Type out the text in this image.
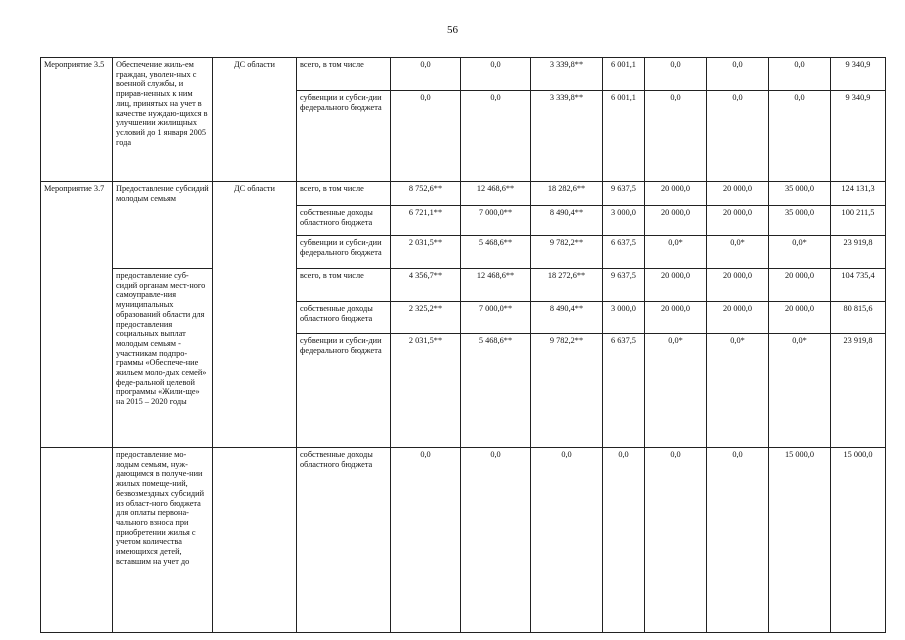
56
Мероприятие 3.5	Обеспечение жиль-ем граждан, уволен-ных с военной службы, и прирав-ненных к ним лиц, принятых на учет в качестве нуждаю-щихся в улучшении жилищных условий до 1 января 2005 года	ДС области	всего, в том числе	0,0	0,0	3 339,8**	6 001,1	0,0	0,0	0,0	9 340,9
			субвенции и субси-дии федерального бюджета	0,0	0,0	3 339,8**	6 001,1	0,0	0,0	0,0	9 340,9
Мероприятие 3.7	Предоставление субсидий молодым семьям	ДС области	всего, в том числе	8 752,6**	12 468,6**	18 282,6**	9 637,5	20 000,0	20 000,0	35 000,0	124 131,3
			собственные доходы областного бюджета	6 721,1**	7 000,0**	8 490,4**	3 000,0	20 000,0	20 000,0	35 000,0	100 211,5
			субвенции и субси-дии федерального бюджета	2 031,5**	5 468,6**	9 782,2**	6 637,5	0,0*	0,0*	0,0*	23 919,8
	предоставление суб-сидий органам мест-ного самоуправле-ния муниципальных образований области для предоставления социальных выплат молодым семьям - участникам подпро-граммы «Обеспече-ние жильем моло-дых семей» феде-ральной целевой программы «Жили-ще» на 2015 – 2020 годы		всего, в том числе	4 356,7**	12 468,6**	18 272,6**	9 637,5	20 000,0	20 000,0	20 000,0	104 735,4
			собственные доходы областного бюджета	2 325,2**	7 000,0**	8 490,4**	3 000,0	20 000,0	20 000,0	20 000,0	80 815,6
			субвенции и субси-дии федерального бюджета	2 031,5**	5 468,6**	9 782,2**	6 637,5	0,0*	0,0*	0,0*	23 919,8
	предоставление мо-лодым семьям, нуж-дающимся в получе-нии жилых помеще-ний, безвозмездных субсидий из област-ного бюджета для оплаты первона-чального взноса при приобретении жилья с учетом количества имеющихся детей, вставшим на учет до		собственные доходы областного бюджета	0,0	0,0	0,0	0,0	0,0	0,0	15 000,0	15 000,0
